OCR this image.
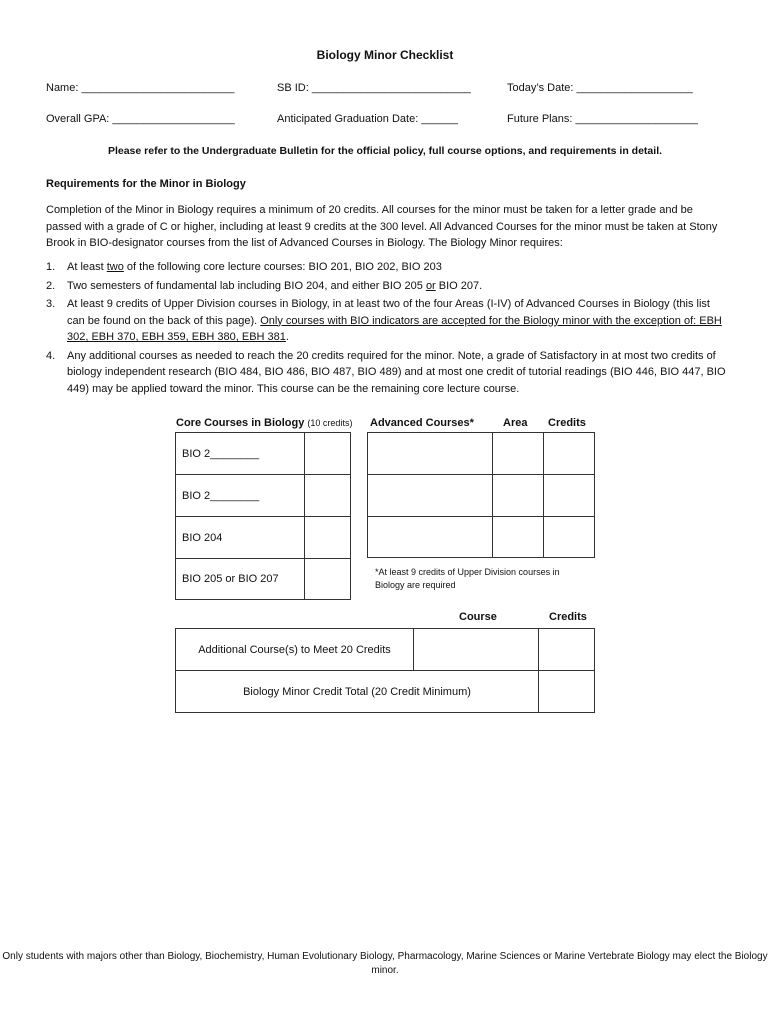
Biology Minor Checklist
Name: _________________________	SB ID: __________________________	Today’s Date: ___________________
Overall GPA: ____________________	Anticipated Graduation Date: ______	Future Plans: ____________________
Please refer to the Undergraduate Bulletin for the official policy, full course options, and requirements in detail.
Requirements for the Minor in Biology

Completion of the Minor in Biology requires a minimum of 20 credits. All courses for the minor must be taken for a letter grade and be passed with a grade of C or higher, including at least 9 credits at the 300 level. All Advanced Courses for the minor must be taken at Stony Brook in BIO-designator courses from the list of Advanced Courses in Biology. The Biology Minor requires:

1. At least two of the following core lecture courses: BIO 201, BIO 202, BIO 203
2. Two semesters of fundamental lab including BIO 204, and either BIO 205 or BIO 207.
3. At least 9 credits of Upper Division courses in Biology, in at least two of the four Areas (I-IV) of Advanced Courses in Biology (this list can be found on the back of this page). Only courses with BIO indicators are accepted for the Biology minor with the exception of: EBH 302, EBH 370, EBH 359, EBH 380, EBH 381.
4. Any additional courses as needed to reach the 20 credits required for the minor. Note, a grade of Satisfactory in at most two credits of biology independent research (BIO 484, BIO 486, BIO 487, BIO 489) and at most one credit of tutorial readings (BIO 446, BIO 447, BIO 449) may be applied toward the minor. This course can be the remaining core lecture course.
Core Courses in Biology (10 credits)
BIO 2________	
BIO 2________	
BIO 204	
BIO 205 or BIO 207	
Advanced Courses*	Area Credits

*At least 9 credits of Upper Division courses in Biology are required
Course	Credits
Additional Course(s) to Meet 20 Credits		
Biology Minor Credit Total (20 Credit Minimum)		
Only students with majors other than Biology, Biochemistry, Human Evolutionary Biology, Pharmacology, Marine Sciences or Marine Vertebrate Biology may elect the Biology minor.
